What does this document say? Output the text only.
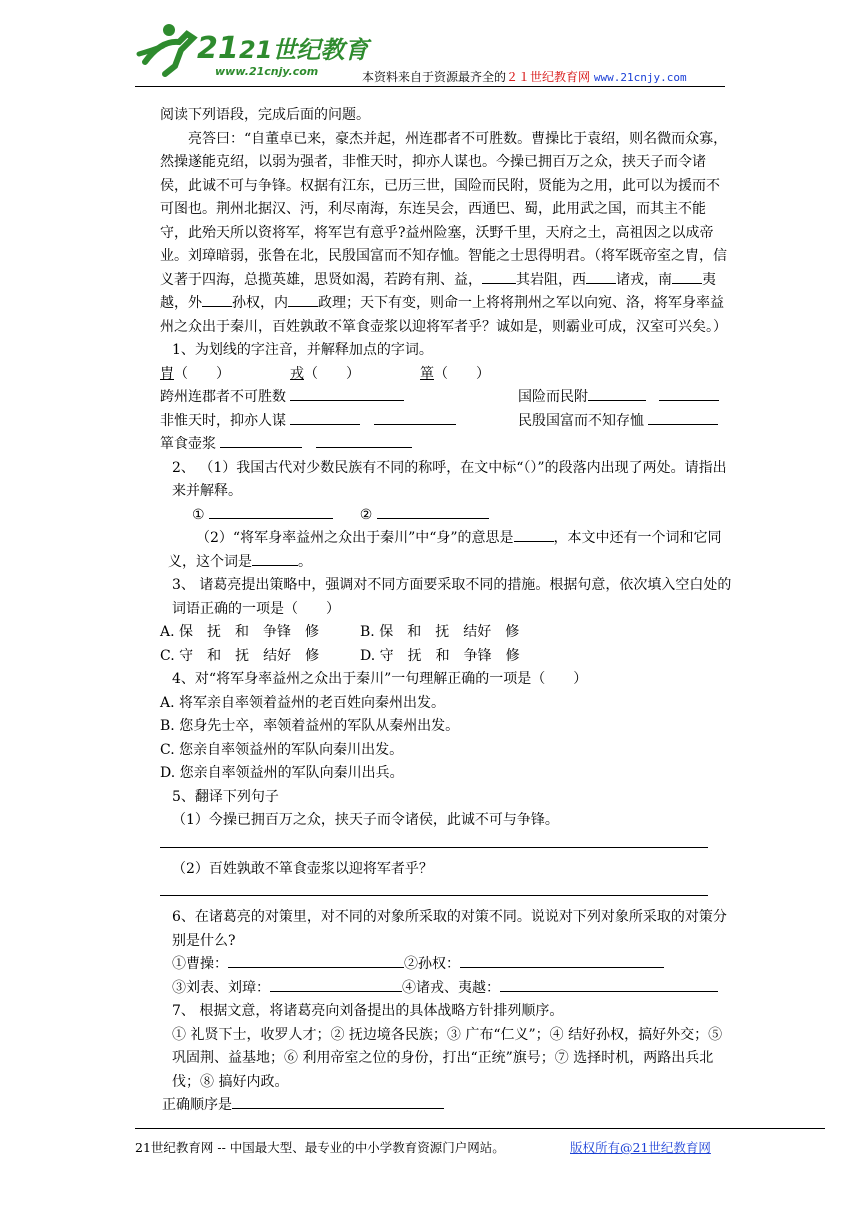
21 21世纪教育
www.21cnjy.com	本资料来自于资源最齐全的２１世纪教育网 www.21cnjy.com

阅读下列语段，完成后面的问题。

亮答曰：“自董卓已来，豪杰并起，州连郡者不可胜数。曹操比于袁绍，则名微而众寡，然操遂能克绍，以弱为强者，非惟天时，抑亦人谋也。今操已拥百万之众，挟天子而令诸侯，此诚不可与争锋。权据有江东，已历三世，国险而民附，贤能为之用，此可以为援而不可图也。荆州北据汉、沔，利尽南海，东连吴会，西通巴、蜀，此用武之国，而其主不能守，此殆天所以资将军，将军岂有意乎?益州险塞，沃野千里，天府之土，高祖因之以成帝业。刘璋暗弱，张鲁在北，民殷国富而不知存恤。智能之士思得明君。（将军既帝室之胄，信义著于四海，总揽英雄，思贤如渴，若跨有荆、益， 其岩阻，西 诸戎，南 夷越，外 孙权，内 政理；天下有变，则命一上将将荆州之军以向宛、洛，将军身率益州之众出于秦川，百姓孰敢不箪食壶浆以迎将军者乎？诚如是，则霸业可成，汉室可兴矣。）

1、为划线的字注音，并解释加点的字词。

胄（　　）	戎（　　）	箪（　　）
跨州连郡者不可胜数	国险而民附
非惟天时，抑亦人谋	民殷国富而不知存恤

箪食壶浆

2、 （1）我国古代对少数民族有不同的称呼，在文中标“（）”的段落内出现了两处。请指出来并解释。

①	②

（2）“将军身率益州之众出于秦川”中“身”的意思是	，本文中还有一个词和它同义，这个词是	。

3、 诸葛亮提出策略中，强调对不同方面要采取不同的措施。根据句意，依次填入空白处的词语正确的一项是（　　）

A. 保　抚　和　争锋　修	B. 保　和　抚　结好　修
C. 守　和　抚　结好　修	D. 守　抚　和　争锋　修

4、对“将军身率益州之众出于秦川”一句理解正确的一项是（　　）

A. 将军亲自率领着益州的老百姓向秦州出发。

B. 您身先士卒，率领着益州的军队从秦州出发。

C. 您亲自率领益州的军队向秦川出发。

D. 您亲自率领益州的军队向秦川出兵。

5、翻译下列句子

（1）今操已拥百万之众，挟天子而令诸侯，此诚不可与争锋。

（2）百姓孰敢不箪食壶浆以迎将军者乎？

6、在诸葛亮的对策里，对不同的对象所采取的对策不同。说说对下列对象所采取的对策分别是什么?

①曹操：	②孙权：

③刘表、刘璋：	④诸戎、夷越：

7、 根据文意，将诸葛亮向刘备提出的具体战略方针排列顺序。

① 礼贤下士，收罗人才；② 抚边境各民族；③ 广布“仁义”；④ 结好孙权，搞好外交；⑤ 巩固荆、益基地；⑥ 利用帝室之位的身份，打出“正统”旗号；⑦ 选择时机，两路出兵北伐；⑧ 搞好内政。

正确顺序是

21世纪教育网 -- 中国最大型、最专业的中小学教育资源门户网站。	版权所有@21世纪教育网
